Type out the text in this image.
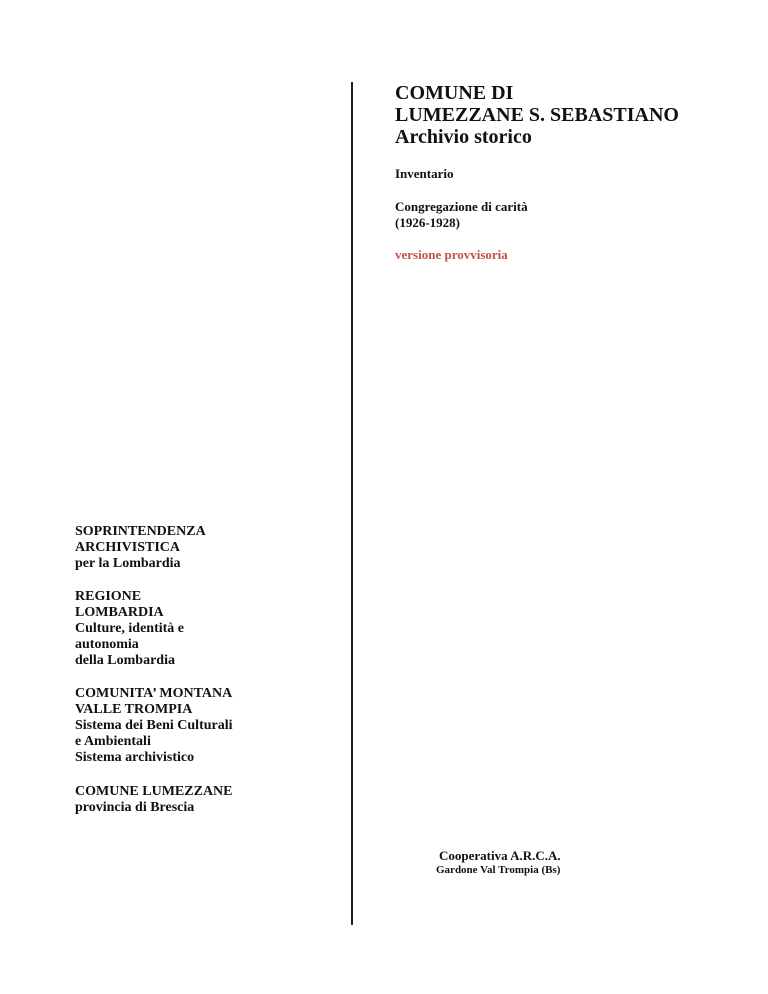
COMUNE DI
LUMEZZANE S. SEBASTIANO
Archivio storico
Inventario
Congregazione di carità
(1926-1928)
versione provvisoria
SOPRINTENDENZA
ARCHIVISTICA
per la Lombardia
REGIONE
LOMBARDIA
Culture, identità e
autonomia
della Lombardia
COMUNITA’ MONTANA
VALLE TROMPIA
Sistema dei Beni Culturali
e Ambientali
Sistema archivistico
COMUNE LUMEZZANE
provincia di Brescia
Cooperativa A.R.C.A.
Gardone Val Trompia (Bs)
